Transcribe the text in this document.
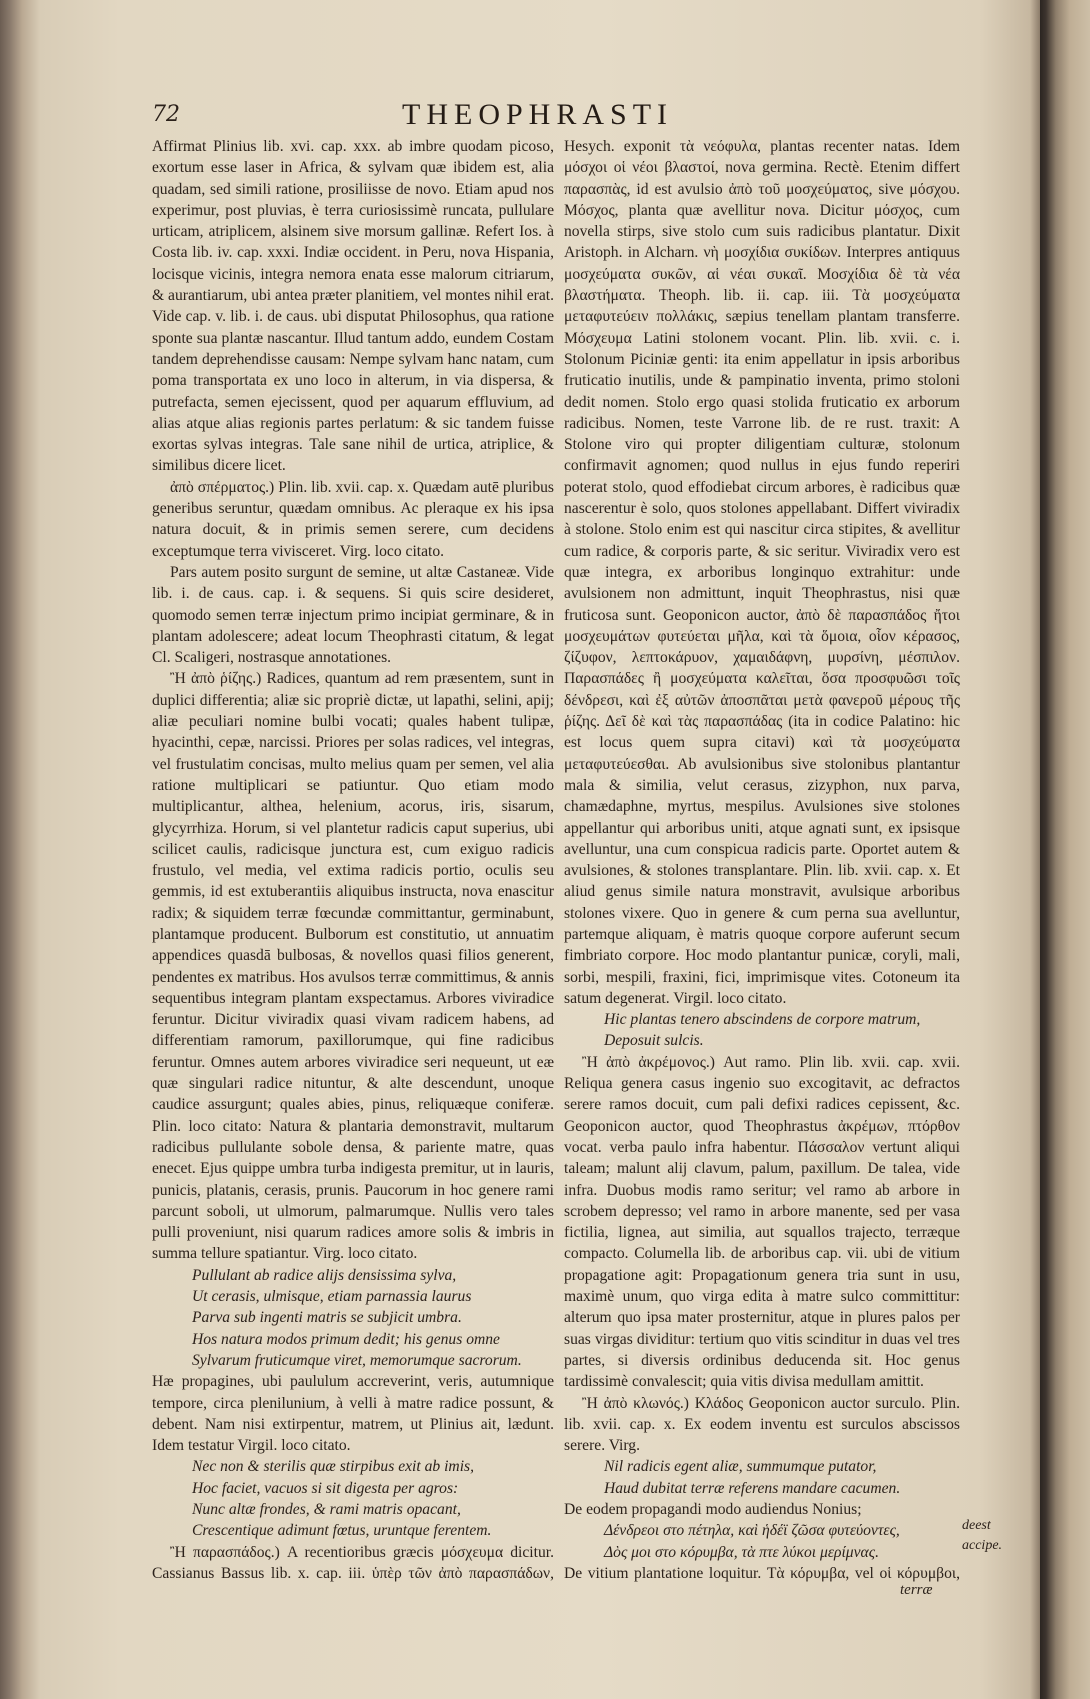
72	THEOPHRASTI

Affirmat Plinius lib. xvi. cap. xxx. ab imbre quodam picoso, exortum esse laser in Africa, & sylvam quæ ibidem est, alia quadam, sed simili ratione, prosiliisse de novo. Etiam apud nos experimur, post pluvias, è terra curiosissimè runcata, pullulare urticam, atriplicem, alsinem sive morsum gallinæ. Refert Ios. à Costa lib. iv. cap. xxxi. Indiæ occident. in Peru, nova Hispania, locisque vicinis, integra nemora enata esse malorum citriarum, & aurantiarum, ubi antea præter planitiem, vel montes nihil erat. Vide cap. v. lib. i. de caus. ubi disputat Philosophus, qua ratione sponte sua plantæ nascantur. Illud tantum addo, eundem Costam tandem deprehendisse causam: Nempe sylvam hanc natam, cum poma transportata ex uno loco in alterum, in via dispersa, & putrefacta, semen ejecissent, quod per aquarum effluvium, ad alias atque alias regionis partes perlatum: & sic tandem fuisse exortas sylvas integras. Tale sane nihil de urtica, atriplice, & similibus dicere licet.

ἀπὸ σπέρματος.) Plin. lib. xvii. cap. x. Quædam autē pluribus generibus seruntur, quædam omnibus. Ac pleraque ex his ipsa natura docuit, & in primis semen serere, cum decidens exceptumque terra vivisceret. Virg. loco citato.

Pars autem posito surgunt de semine, ut altæ Castaneæ. Vide lib. i. de caus. cap. i. & sequens. Si quis scire desideret, quomodo semen terræ injectum primo incipiat germinare, & in plantam adolescere; adeat locum Theophrasti citatum, & legat Cl. Scaligeri, nostrasque annotationes.

Ἢ ἀπὸ ῥίζης.) Radices, quantum ad rem præsentem, sunt in duplici differentia; aliæ sic propriè dictæ, ut lapathi, selini, apij; aliæ peculiari nomine bulbi vocati; quales habent tulipæ, hyacinthi, cepæ, narcissi. Priores per solas radices, vel integras, vel frustulatim concisas, multo melius quam per semen, vel alia ratione multiplicari se patiuntur. Quo etiam modo multiplicantur, althea, helenium, acorus, iris, sisarum, glycyrrhiza. Horum, si vel plantetur radicis caput superius, ubi scilicet caulis, radicisque junctura est, cum exiguo radicis frustulo, vel media, vel extima radicis portio, oculis seu gemmis, id est extuberantiis aliquibus instructa, nova enascitur radix; & siquidem terræ fœcundæ committantur, germinabunt, plantamque producent. Bulborum est constitutio, ut annuatim appendices quasdā bulbosas, & novellos quasi filios generent, pendentes ex matribus. Hos avulsos terræ committimus, & annis sequentibus integram plantam exspectamus. Arbores viviradice feruntur. Dicitur viviradix quasi vivam radicem habens, ad differentiam ramorum, paxillorumque, qui fine radicibus feruntur. Omnes autem arbores viviradice seri nequeunt, ut eæ quæ singulari radice nituntur, & alte descendunt, unoque caudice assurgunt; quales abies, pinus, reliquæque coniferæ. Plin. loco citato: Natura & plantaria demonstravit, multarum radicibus pullulante sobole densa, & pariente matre, quas enecet. Ejus quippe umbra turba indigesta premitur, ut in lauris, punicis, platanis, cerasis, prunis. Paucorum in hoc genere rami parcunt soboli, ut ulmorum, palmarumque. Nullis vero tales pulli proveniunt, nisi quarum radices amore solis & imbris in summa tellure spatiantur. Virg. loco citato.

Pullulant ab radice alijs densissima sylva,

Ut cerasis, ulmisque, etiam parnassia laurus

Parva sub ingenti matris se subjicit umbra.

Hos natura modos primum dedit; his genus omne

Sylvarum fruticumque viret, memorumque sacrorum.

Hæ propagines, ubi paululum accreverint, veris, autumnique tempore, circa plenilunium, à velli à matre radice possunt, & debent. Nam nisi extirpentur, matrem, ut Plinius ait, lædunt. Idem testatur Virgil. loco citato.

Nec non & sterilis quæ stirpibus exit ab imis,

Hoc faciet, vacuos si sit digesta per agros:

Nunc altæ frondes, & rami matris opacant,

Crescentique adimunt fœtus, uruntque ferentem.

Ἢ παρασπάδος.) A recentioribus græcis μόσχευμα dicitur. Cassianus Bassus lib. x. cap. iii. ὑπὲρ τῶν ἀπὸ παρασπάδων,

Hesych. exponit τὰ νεόφυλα, plantas recenter natas. Idem μόσχοι οἱ νέοι βλαστοί, nova germina. Rectè. Etenim differt παρασπὰς, id est avulsio ἀπὸ τοῦ μοσχεύματος, sive μόσχου. Μόσχος, planta quæ avellitur nova. Dicitur μόσχος, cum novella stirps, sive stolo cum suis radicibus plantatur. Dixit Aristoph. in Alcharn. νὴ μοσχίδια συκίδων. Interpres antiquus μοσχεύματα συκῶν, αἱ νέαι συκαῖ. Μοσχίδια δὲ τὰ νέα βλαστήματα. Theoph. lib. ii. cap. iii. Τὰ μοσχεύματα μεταφυτεύειν πολλάκις, sæpius tenellam plantam transferre. Μόσχευμα Latini stolonem vocant. Plin. lib. xvii. c. i. Stolonum Piciniæ genti: ita enim appellatur in ipsis arboribus fruticatio inutilis, unde & pampinatio inventa, primo stoloni dedit nomen. Stolo ergo quasi stolida fruticatio ex arborum radicibus. Nomen, teste Varrone lib. de re rust. traxit: A Stolone viro qui propter diligentiam culturæ, stolonum confirmavit agnomen; quod nullus in ejus fundo reperiri poterat stolo, quod effodiebat circum arbores, è radicibus quæ nascerentur è solo, quos stolones appellabant. Differt viviradix à stolone. Stolo enim est qui nascitur circa stipites, & avellitur cum radice, & corporis parte, & sic seritur. Viviradix vero est quæ integra, ex arboribus longinquo extrahitur: unde avulsionem non admittunt, inquit Theophrastus, nisi quæ fruticosa sunt. Geoponicon auctor, ἀπὸ δὲ παρασπάδος ἤτοι μοσχευμάτων φυτεύεται μῆλα, καὶ τὰ ὅμοια, οἷον κέρασος, ζίζυφον, λεπτοκάρυον, χαμαιδάφνη, μυρσίνη, μέσπιλον. Παρασπάδες ἢ μοσχεύματα καλεῖται, ὅσα προσφυῶσι τοῖς δένδρεσι, καὶ ἐξ αὐτῶν ἀποσπᾶται μετὰ φανεροῦ μέρους τῆς ῥίζης. Δεῖ δὲ καὶ τὰς παρασπάδας (ita in codice Palatino: hic est locus quem supra citavi) καὶ τὰ μοσχεύματα μεταφυτεύεσθαι. Ab avulsionibus sive stolonibus plantantur mala & similia, velut cerasus, zizyphon, nux parva, chamædaphne, myrtus, mespilus. Avulsiones sive stolones appellantur qui arboribus uniti, atque agnati sunt, ex ipsisque avelluntur, una cum conspicua radicis parte. Oportet autem & avulsiones, & stolones transplantare. Plin. lib. xvii. cap. x. Et aliud genus simile natura monstravit, avulsique arboribus stolones vixere. Quo in genere & cum perna sua avelluntur, partemque aliquam, è matris quoque corpore auferunt secum fimbriato corpore. Hoc modo plantantur punicæ, coryli, mali, sorbi, mespili, fraxini, fici, imprimisque vites. Cotoneum ita satum degenerat. Virgil. loco citato.

Hic plantas tenero abscindens de corpore matrum,

Deposuit sulcis.

Ἢ ἀπὸ ἀκρέμονος.) Aut ramo. Plin lib. xvii. cap. xvii. Reliqua genera casus ingenio suo excogitavit, ac defractos serere ramos docuit, cum pali defixi radices cepissent, &c. Geoponicon auctor, quod Theophrastus ἀκρέμων, πτόρθον vocat. verba paulo infra habentur. Πάσσαλον vertunt aliqui taleam; malunt alij clavum, palum, paxillum. De talea, vide infra. Duobus modis ramo seritur; vel ramo ab arbore in scrobem depresso; vel ramo in arbore manente, sed per vasa fictilia, lignea, aut similia, aut squallos trajecto, terræque compacto. Columella lib. de arboribus cap. vii. ubi de vitium propagatione agit: Propagationum genera tria sunt in usu, maximè unum, quo virga edita à matre sulco committitur: alterum quo ipsa mater prosternitur, atque in plures palos per suas virgas dividitur: tertium quo vitis scinditur in duas vel tres partes, si diversis ordinibus deducenda sit. Hoc genus tardissimè convalescit; quia vitis divisa medullam amittit.

Ἢ ἀπὸ κλωνός.) Κλάδος Geoponicon auctor surculo. Plin. lib. xvii. cap. x. Ex eodem inventu est surculos abscissos serere. Virg.

Nil radicis egent aliæ, summumque putator,

Haud dubitat terræ referens mandare cacumen.

De eodem propagandi modo audiendus Nonius;

Δένδρεοι στο πέτηλα, καὶ ἡδέϊ ζῶσα φυτεύοντες,

Δὸς μοι στο κόρυμβα, τὰ πτε λύκοι μερίμνας.

De vitium plantatione loquitur. Τὰ κόρυμβα, vel οἱ κόρυμβοι,

deest accipe.
terræ
